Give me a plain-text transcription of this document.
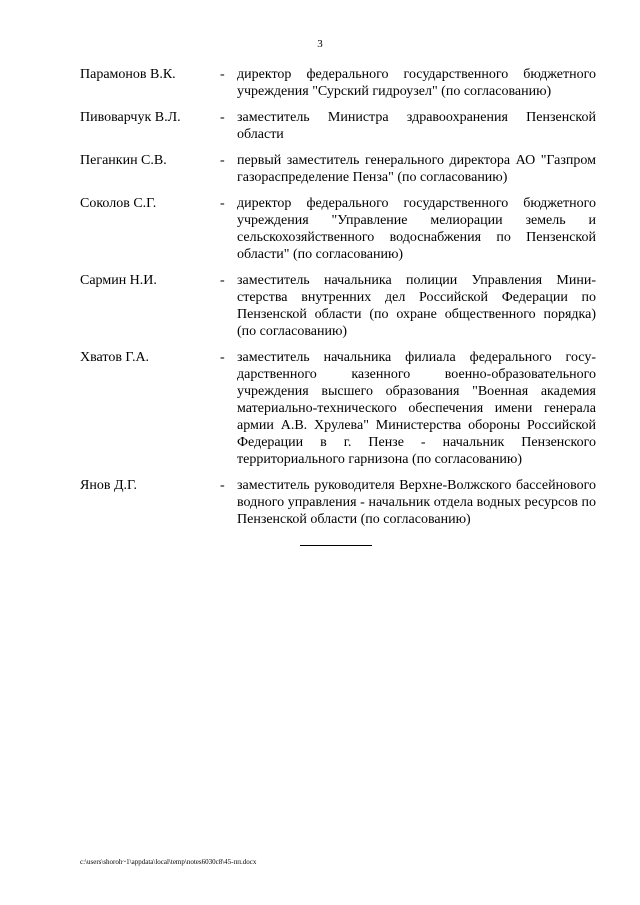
3
Парамонов В.К.	- директор федерального государственного бюджетного учреждения "Сурский гидроузел" (по согласованию)
Пивоварчук В.Л.	- заместитель Министра здравоохранения Пензенской области
Пеганкин С.В.	- первый заместитель генерального директора АО "Газпром газораспределение Пенза" (по согласованию)
Соколов С.Г.	- директор федерального государственного бюджетного учреждения "Управление мелиорации земель и сельскохозяйственного водоснабжения по Пензенской области" (по согласованию)
Сармин Н.И.	- заместитель начальника полиции Управления Министерства внутренних дел Российской Федерации по Пензенской области (по охране общественного порядка) (по согласованию)
Хватов Г.А.	- заместитель начальника филиала федерального государственного казенного военно-образовательного учреждения высшего образования "Военная академия материально-технического обеспечения имени генерала армии А.В. Хрулева" Министерства обороны Российской Федерации в г. Пензе - начальник Пензенского территориального гарнизона (по согласованию)
Янов Д.Г.	- заместитель руководителя Верхне-Волжского бассейнового водного управления - начальник отдела водных ресурсов по Пензенской области (по согласованию)
c:\users\shoroh~1\appdata\local\temp\notes6030c8\45-пп.docx
